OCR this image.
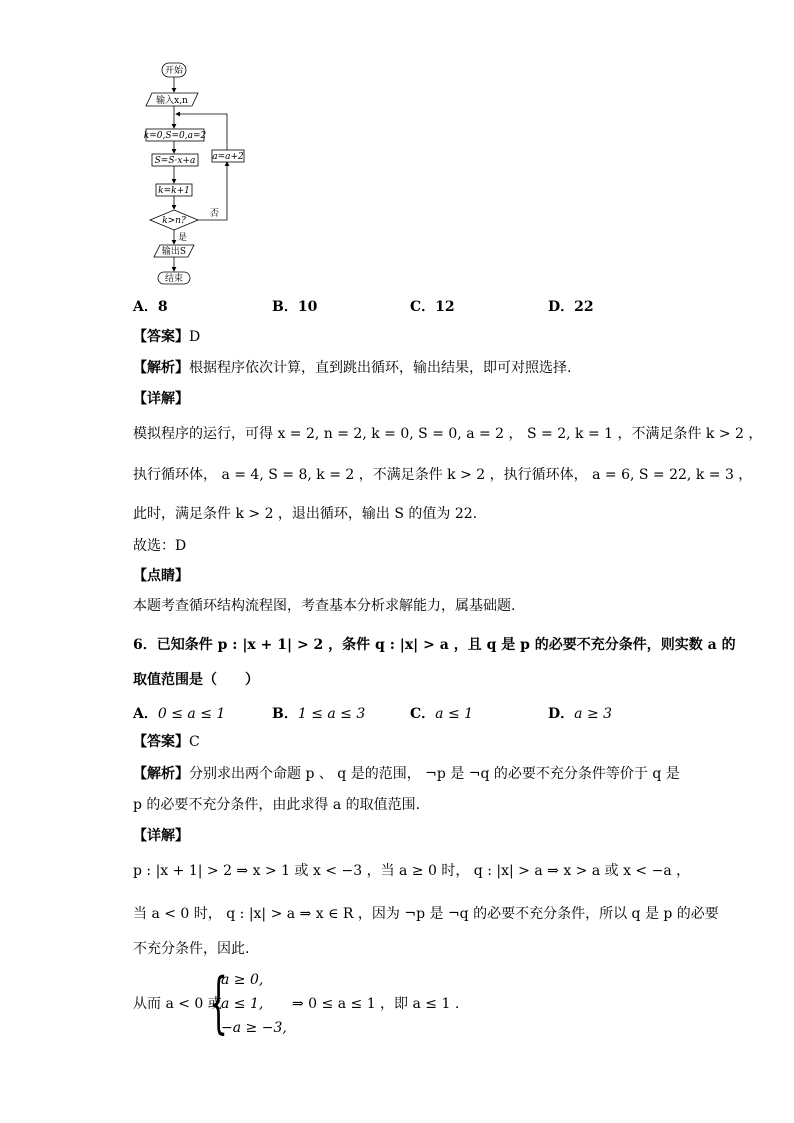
开始
输入x,n
k=0,S=0,a=2
S=S·x+a
k=k+1
k>n?
是
否
a=a+2
输出S
结束
A．8	B．10	C．12	D．22
【答案】D
【解析】根据程序依次计算，直到跳出循环，输出结果，即可对照选择.
【详解】
模拟程序的运行，可得 x = 2, n = 2, k = 0, S = 0, a = 2 ， S = 2, k = 1 ，不满足条件 k > 2 ，
执行循环体， a = 4, S = 8, k = 2 ，不满足条件 k > 2 ，执行循环体， a = 6, S = 22, k = 3 ，
此时，满足条件 k > 2 ，退出循环，输出 S 的值为 22.
故选：D
【点睛】
本题考查循环结构流程图，考查基本分析求解能力，属基础题.
6．已知条件 p : |x + 1| > 2 ，条件 q : |x| > a ，且 q 是 p 的必要不充分条件，则实数 a 的
取值范围是（　　）
A．0 ≤ a ≤ 1	B．1 ≤ a ≤ 3	C．a ≤ 1	D．a ≥ 3
【答案】C
【解析】分别求出两个命题 p 、 q 是的范围， ¬p 是 ¬q 的必要不充分条件等价于 q 是
p 的必要不充分条件，由此求得 a 的取值范围.
【详解】
p : |x + 1| > 2 ⇒ x > 1 或 x < −3 ，当 a ≥ 0 时， q : |x| > a ⇒ x > a 或 x < −a ，
当 a < 0 时， q : |x| > a ⇒ x ∈ R ，因为 ¬p 是 ¬q 的必要不充分条件，所以 q 是 p 的必要
不充分条件，因此.
从而 a < 0 或
{
a ≥ 0,
a ≤ 1,
−a ≥ −3,
⇒ 0 ≤ a ≤ 1 ，即 a ≤ 1 .
